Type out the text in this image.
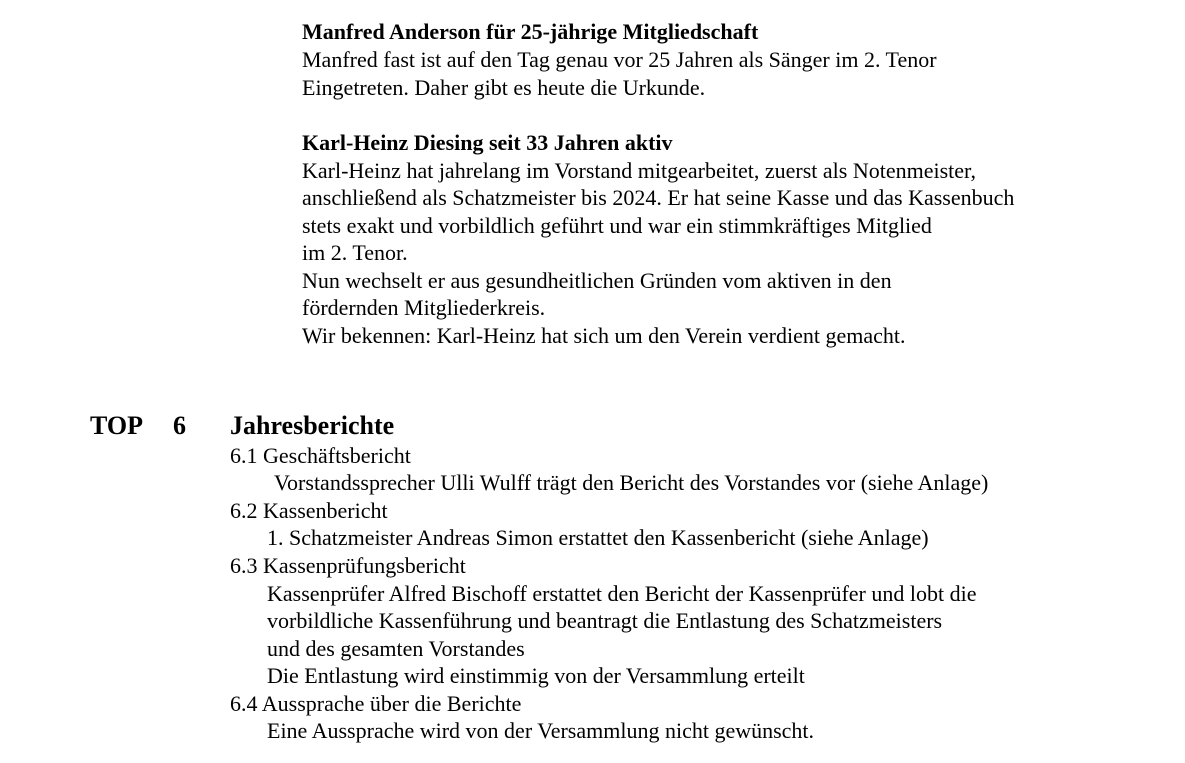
Manfred Anderson für 25-jährige Mitgliedschaft
Manfred fast ist auf den Tag genau vor 25 Jahren als Sänger im 2. Tenor
Eingetreten. Daher gibt es heute die Urkunde.
Karl-Heinz Diesing seit 33 Jahren aktiv
Karl-Heinz hat jahrelang im Vorstand mitgearbeitet, zuerst als Notenmeister,
anschließend als Schatzmeister bis 2024. Er hat seine Kasse und das Kassenbuch
stets exakt und vorbildlich geführt und war ein stimmkräftiges Mitglied
im 2. Tenor.
Nun wechselt er aus gesundheitlichen Gründen vom aktiven in den
fördernden Mitgliederkreis.
Wir bekennen: Karl-Heinz hat sich um den Verein verdient gemacht.
TOP 6 Jahresberichte
6.1 Geschäftsbericht
Vorstandssprecher Ulli Wulff trägt den Bericht des Vorstandes vor (siehe Anlage)
6.2 Kassenbericht
1. Schatzmeister Andreas Simon erstattet den Kassenbericht (siehe Anlage)
6.3 Kassenprüfungsbericht
Kassenprüfer Alfred Bischoff erstattet den Bericht der Kassenprüfer und lobt die
vorbildliche Kassenführung und beantragt die Entlastung des Schatzmeisters
und des gesamten Vorstandes
Die Entlastung wird einstimmig von der Versammlung erteilt
6.4 Aussprache über die Berichte
Eine Aussprache wird von der Versammlung nicht gewünscht.
